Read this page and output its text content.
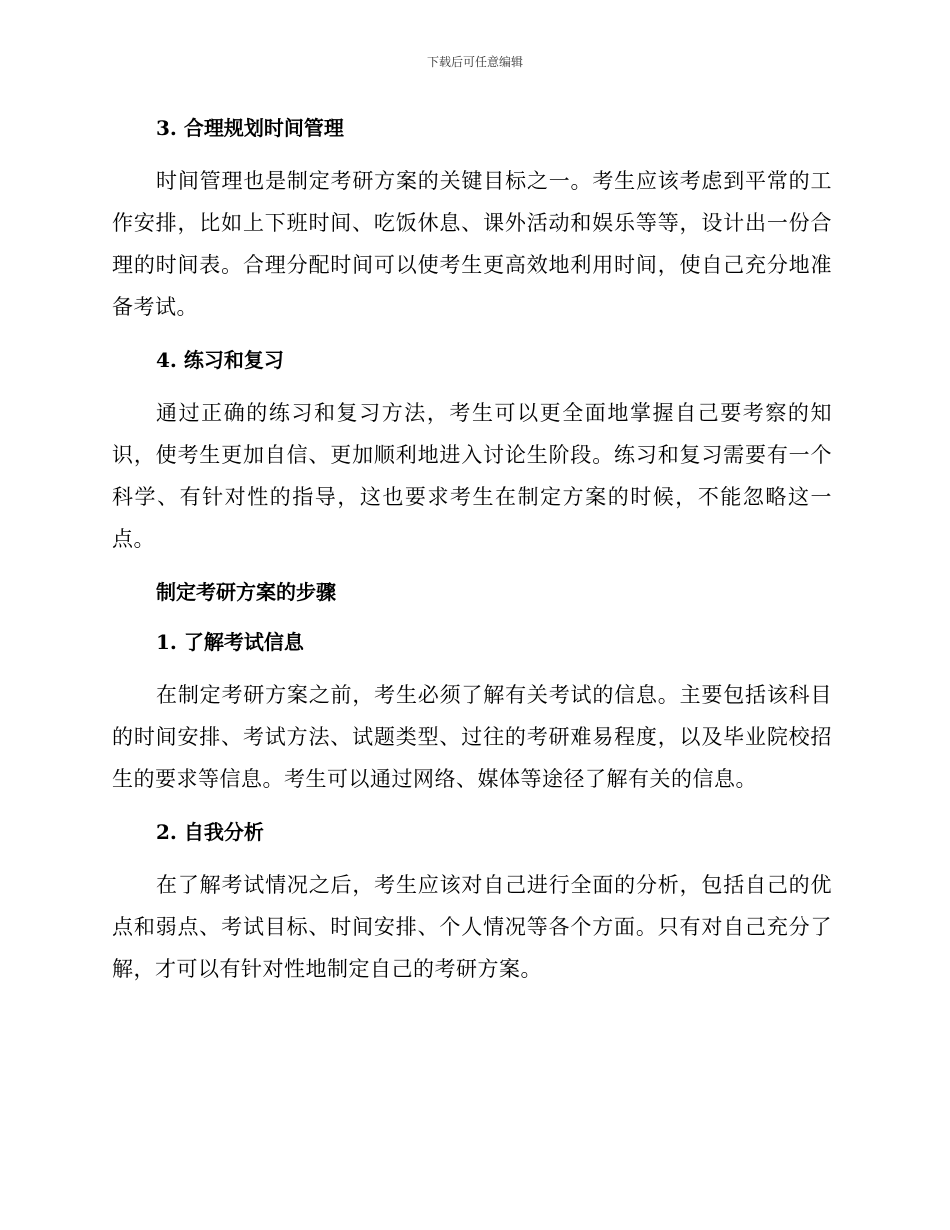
下载后可任意编辑
3. 合理规划时间管理

时间管理也是制定考研方案的关键目标之一。考生应该考虑到平常的工作安排，比如上下班时间、吃饭休息、课外活动和娱乐等等，设计出一份合理的时间表。合理分配时间可以使考生更高效地利用时间，使自己充分地准备考试。

4. 练习和复习

通过正确的练习和复习方法，考生可以更全面地掌握自己要考察的知识，使考生更加自信、更加顺利地进入讨论生阶段。练习和复习需要有一个科学、有针对性的指导，这也要求考生在制定方案的时候，不能忽略这一点。

制定考研方案的步骤
1. 了解考试信息

在制定考研方案之前，考生必须了解有关考试的信息。主要包括该科目的时间安排、考试方法、试题类型、过往的考研难易程度，以及毕业院校招生的要求等信息。考生可以通过网络、媒体等途径了解有关的信息。

2. 自我分析

在了解考试情况之后，考生应该对自己进行全面的分析，包括自己的优点和弱点、考试目标、时间安排、个人情况等各个方面。只有对自己充分了解，才可以有针对性地制定自己的考研方案。
